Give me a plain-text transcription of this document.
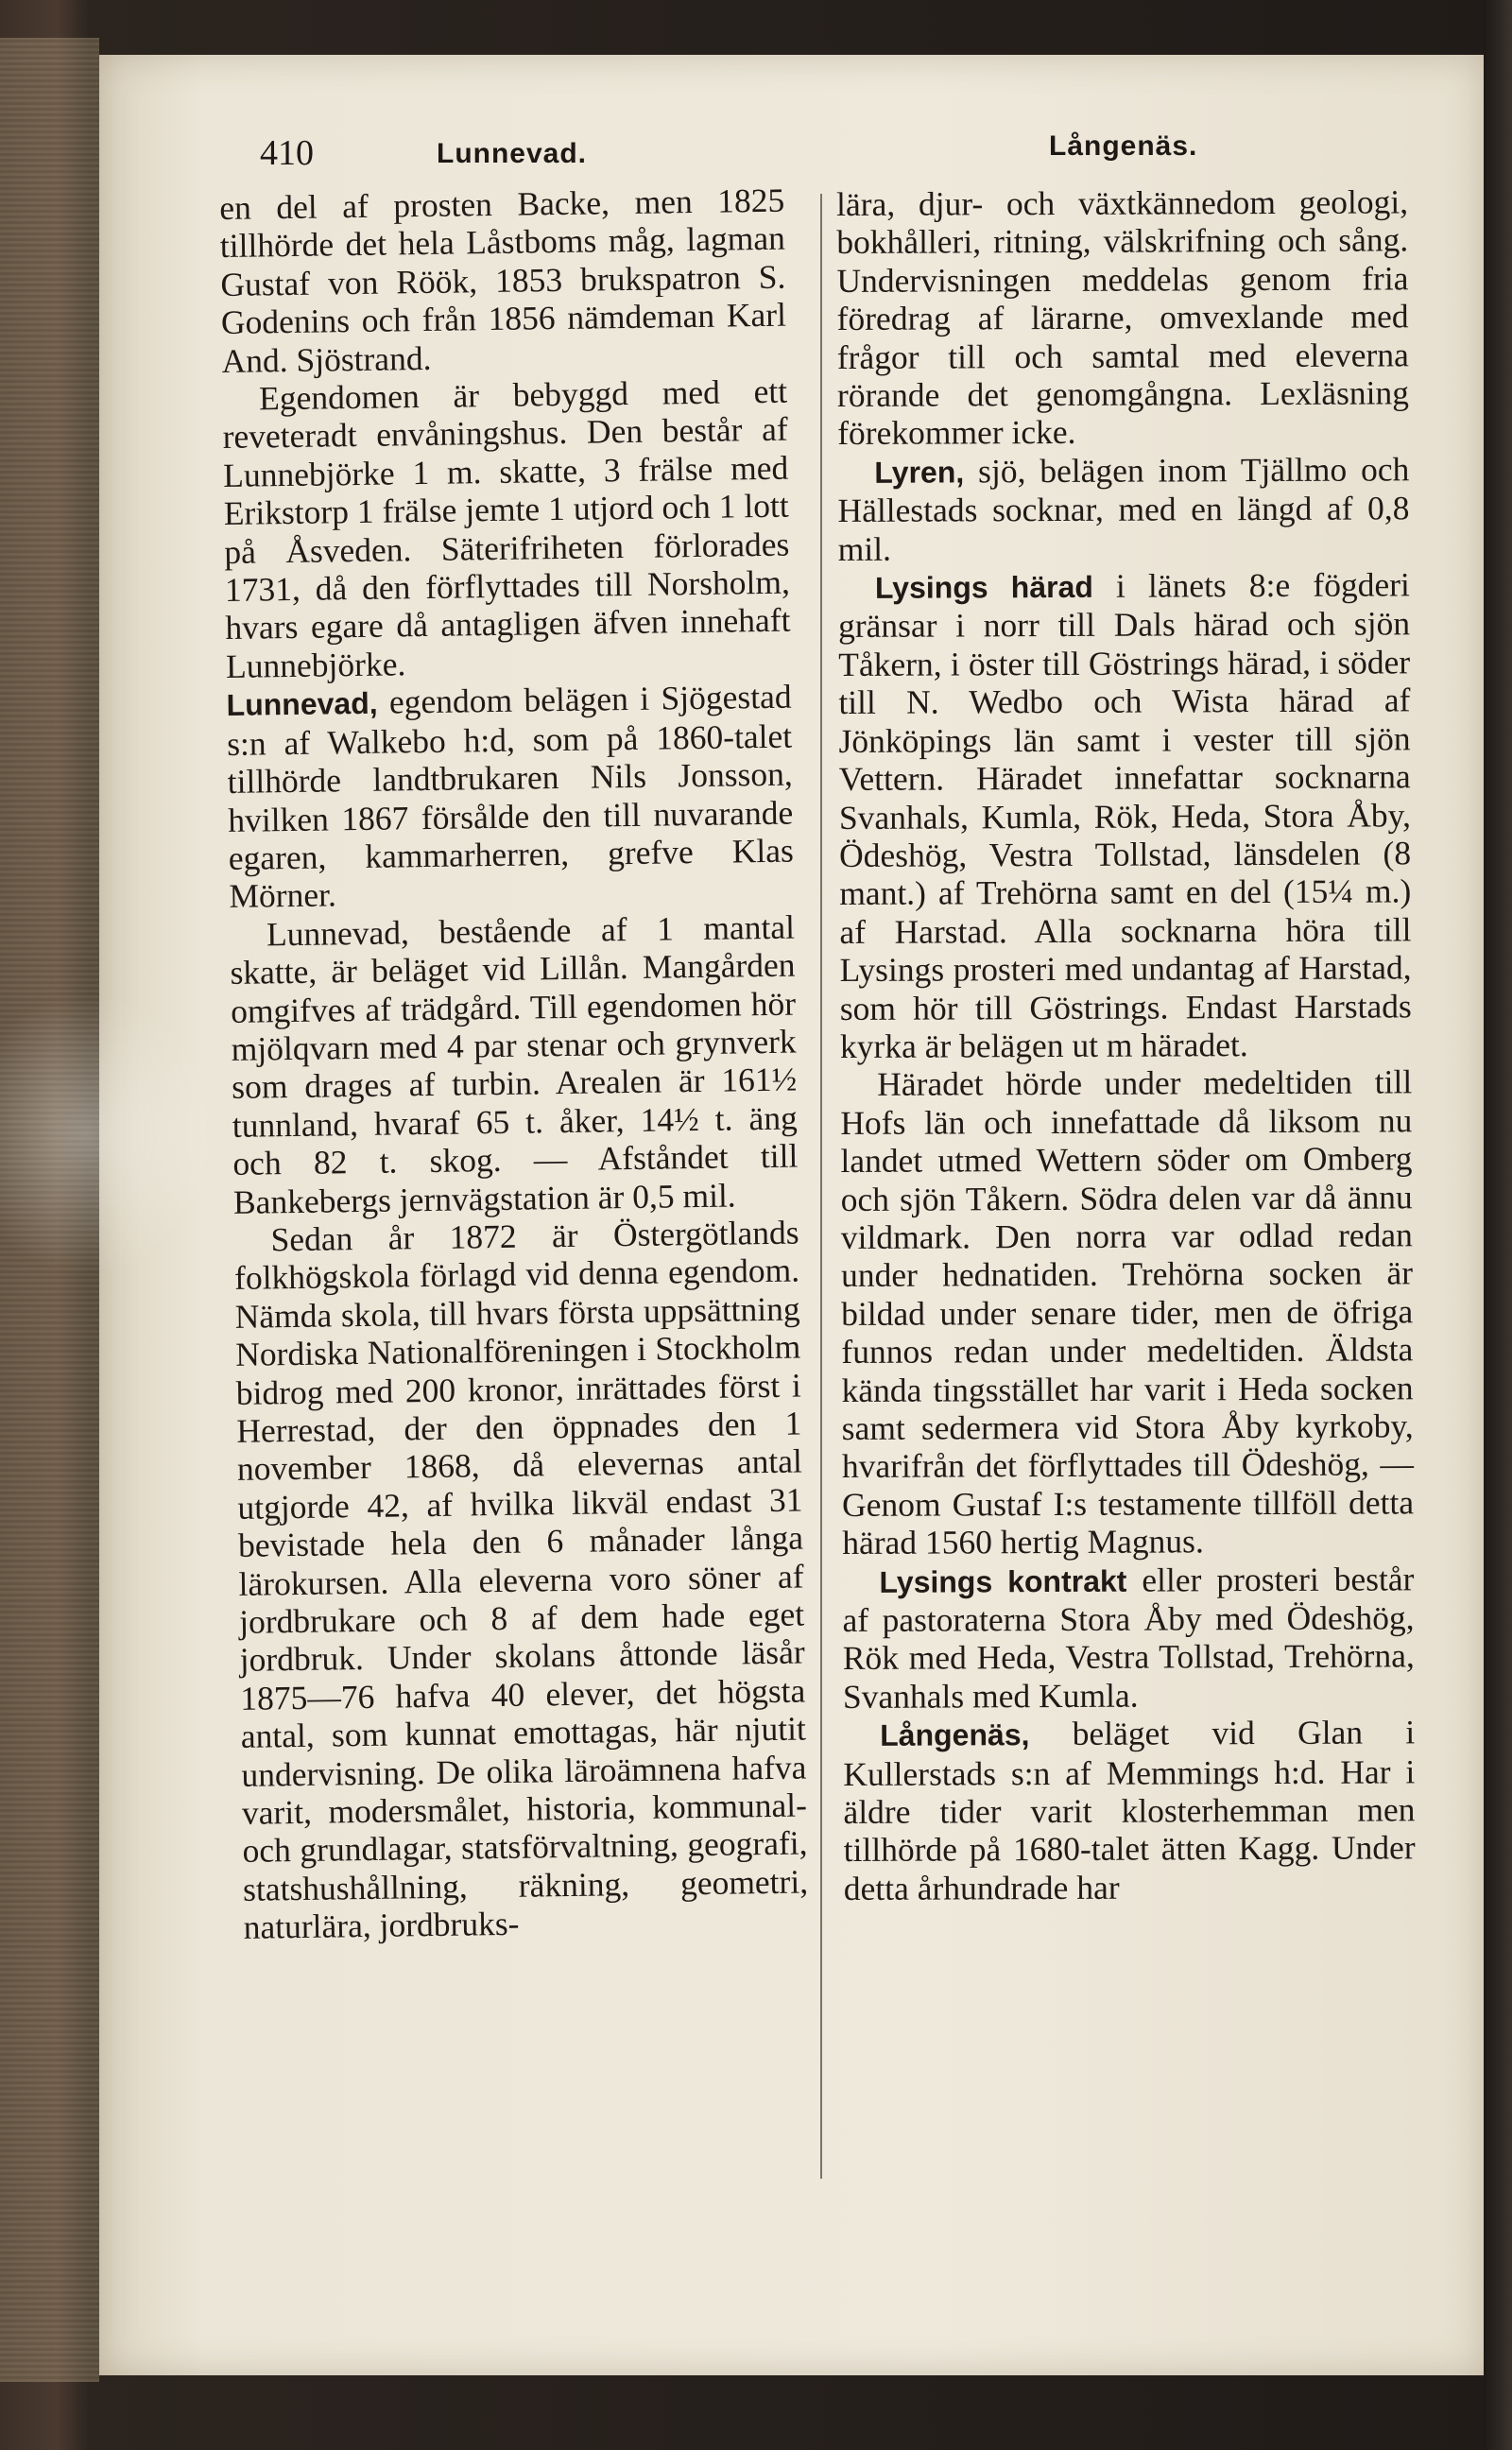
410	Lunnevad.	Långenäs.

en del af prosten Backe, men 1825 tillhörde det hela Låstboms måg, lagman Gustaf von Röök, 1853 brukspatron S. Godenins och från 1856 nämdeman Karl And. Sjöstrand.

Egendomen är bebyggd med ett reveteradt envåningshus. Den består af Lunnebjörke 1 m. skatte, 3 frälse med Erikstorp 1 frälse jemte 1 utjord och 1 lott på Åsveden. Säterifriheten förlorades 1731, då den förflyttades till Norsholm, hvars egare då antagligen äfven innehaft Lunnebjörke.

Lunnevad, egendom belägen i Sjögestad s:n af Walkebo h:d, som på 1860-talet tillhörde landtbrukaren Nils Jonsson, hvilken 1867 försålde den till nuvarande egaren, kammarherren, grefve Klas Mörner.

Lunnevad, bestående af 1 mantal skatte, är beläget vid Lillån. Mangården omgifves af trädgård. Till egendomen hör mjölqvarn med 4 par stenar och grynverk som drages af turbin. Arealen är 161½ tunnland, hvaraf 65 t. åker, 14½ t. äng och 82 t. skog. — Afståndet till Bankebergs jernvägstation är 0,5 mil.

Sedan år 1872 är Östergötlands folkhögskola förlagd vid denna egendom. Nämda skola, till hvars första uppsättning Nordiska Nationalföreningen i Stockholm bidrog med 200 kronor, inrättades först i Herrestad, der den öppnades den 1 november 1868, då elevernas antal utgjorde 42, af hvilka likväl endast 31 bevistade hela den 6 månader långa lärokursen. Alla eleverna voro söner af jordbrukare och 8 af dem hade eget jordbruk. Under skolans åttonde läsår 1875—76 hafva 40 elever, det högsta antal, som kunnat emottagas, här njutit undervisning. De olika läroämnena hafva varit, modersmålet, historia, kommunal- och grundlagar, statsförvaltning, geografi, statshushållning, räkning, geometri, naturlära, jordbruks-

lära, djur- och växtkännedom geologi, bokhålleri, ritning, välskrifning och sång. Undervisningen meddelas genom fria föredrag af lärarne, omvexlande med frågor till och samtal med eleverna rörande det genomgångna. Lexläsning förekommer icke.

Lyren, sjö, belägen inom Tjällmo och Hällestads socknar, med en längd af 0,8 mil.

Lysings härad i länets 8:e fögderi gränsar i norr till Dals härad och sjön Tåkern, i öster till Göstrings härad, i söder till N. Wedbo och Wista härad af Jönköpings län samt i vester till sjön Vettern. Häradet innefattar socknarna Svanhals, Kumla, Rök, Heda, Stora Åby, Ödeshög, Vestra Tollstad, länsdelen (8 mant.) af Trehörna samt en del (15¼ m.) af Harstad. Alla socknarna höra till Lysings prosteri med undantag af Harstad, som hör till Göstrings. Endast Harstads kyrka är belägen ut m häradet.

Häradet hörde under medeltiden till Hofs län och innefattade då liksom nu landet utmed Wettern söder om Omberg och sjön Tåkern. Södra delen var då ännu vildmark. Den norra var odlad redan under hednatiden. Trehörna socken är bildad under senare tider, men de öfriga funnos redan under medeltiden. Äldsta kända tingsstället har varit i Heda socken samt sedermera vid Stora Åby kyrkoby, hvarifrån det förflyttades till Ödeshög, — Genom Gustaf I:s testamente tillföll detta härad 1560 hertig Magnus.

Lysings kontrakt eller prosteri består af pastoraterna Stora Åby med Ödeshög, Rök med Heda, Vestra Tollstad, Trehörna, Svanhals med Kumla.

Långenäs, beläget vid Glan i Kullerstads s:n af Memmings h:d. Har i äldre tider varit klosterhemman men tillhörde på 1680-talet ätten Kagg. Under detta århundrade har
